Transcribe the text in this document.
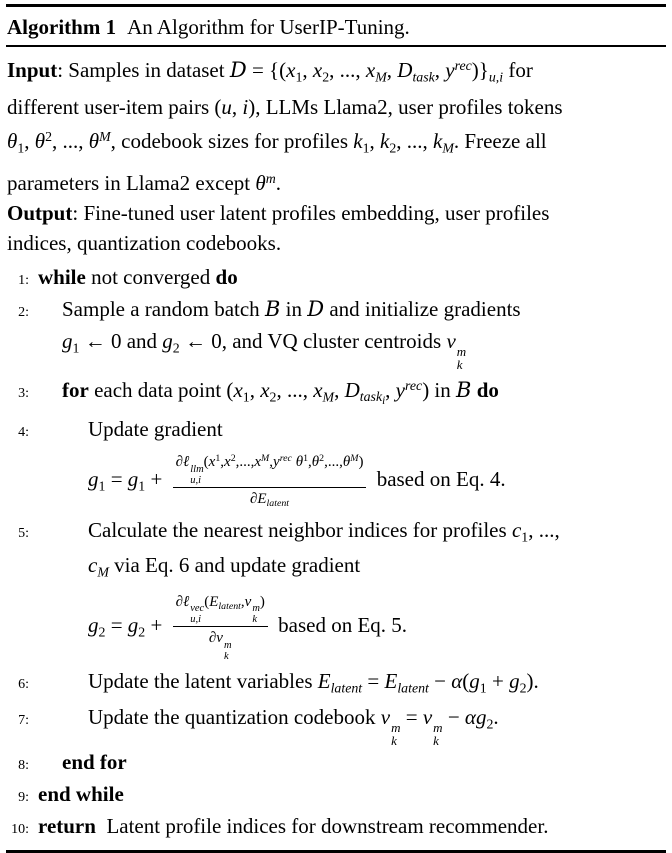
Algorithm 1 An Algorithm for UserIP-Tuning.
Input: Samples in dataset $D = \{(x_1$, $x_2$, ..., $x_M$, $D_{task}$, $y^{rec})\}_{u,i}$ for
different user-item pairs (u, i), LLMs Llama2, user profiles tokens
$\theta_1$, $\theta^2$, ..., $\theta^M$, codebook sizes for profiles $k_1$, $k_2$, ..., $k_M$. Freeze all
parameters in Llama2 except $\theta^m$.
Output: Fine-tuned user latent profiles embedding, user profiles
indices, quantization codebooks.
1: while not converged do
2:	Sample a random batch B in D and initialize gradients
$g_1$ ← 0 and $g_2$ ← 0, and VQ cluster centroids v m
k
3:	for each data point ($x_1$, $x_2$, ..., $x_M$, $D_{task_i}$, $y^{rec}$) in B do
4:	Update gradient
$g_1 = g_1$ + ∂ℓ llm
u,i
($x^1,x^2,...,x^M,y^{rec}$ $\theta^1,\theta^2,...,\theta^M$)
$\partial E_{latent}$ based on Eq. 4.
5:	Calculate the nearest neighbor indices for profiles $c_1$, ...,
$c_M$ via Eq. 6 and update gradient
$g_2 = g_2$ + ∂ℓ vec
u,i
($E_{latent},v$ m
k
)
∂v m
k based on Eq. 5.
6:	Update the latent variables $E_{latent} = E_{latent} - \alpha(g_1 + g_2)$.
7:	Update the quantization codebook v m
k
= v m
k
− $\alpha g_2$.
8:	end for
9: end while
10: return  Latent profile indices for downstream recommender.
